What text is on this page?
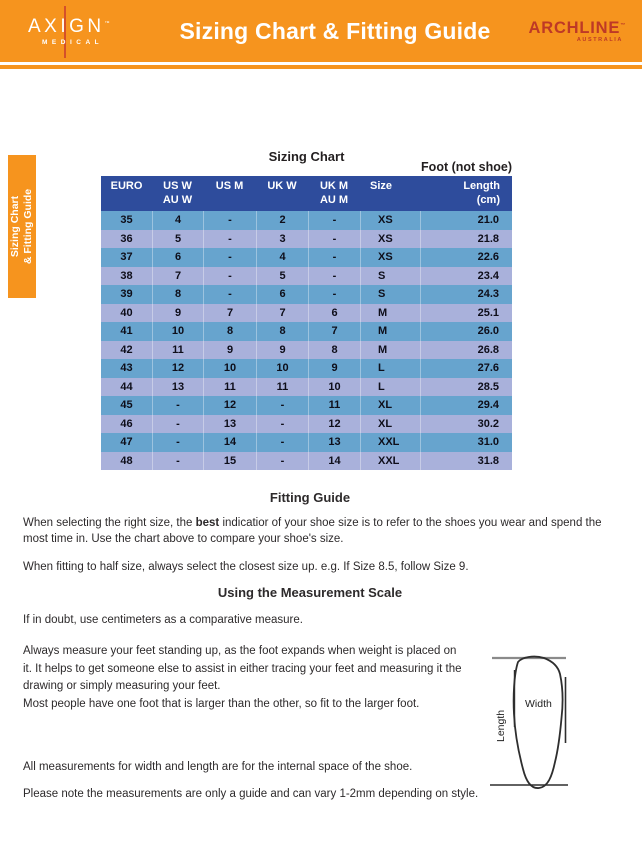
AXIGN™
MEDICAL	Sizing Chart & Fitting Guide	ARCHLINE™
AUSTRALIA
Sizing Chart & Fitting Guide
Sizing Chart
Foot (not shoe)
EURO	US W
AU W
US M	UK W	UK M
AU M
Size	Length
(cm)
35	4	-	2	-	XS	21.0
36	5	-	3	-	XS	21.8
37	6	-	4	-	XS	22.6
38	7	-	5	-	S	23.4
39	8	-	6	-	S	24.3
40	9	7	7	6	M	25.1
41	10	8	8	7	M	26.0
42	11	9	9	8	M	26.8
43	12	10	10	9	L	27.6
44	13	11	11	10	L	28.5
45	-	12	-	11	XL	29.4
46	-	13	-	12	XL	30.2
47	-	14	-	13	XXL	31.0
48	-	15	-	14	XXL	31.8
Fitting Guide
When selecting the right size, the best indicatior of your shoe size is to refer to the shoes you wear and spend the most time in. Use the chart above to compare your shoe's size.
When fitting to half size, always select the closest size up. e.g. If Size 8.5, follow Size 9.
Using the Measurement Scale
If in doubt, use centimeters as a comparative measure.
Always measure your feet standing up, as the foot expands when weight is placed on it. It helps to get someone else to assist in either tracing your feet and measuring it the drawing or simply measuring your feet.
Most people have one foot that is larger than the other, so fit to the larger foot.
All measurements for width and length are for the internal space of the shoe.
Please note the measurements are only a guide and can vary 1-2mm depending on style.
Width
Length
